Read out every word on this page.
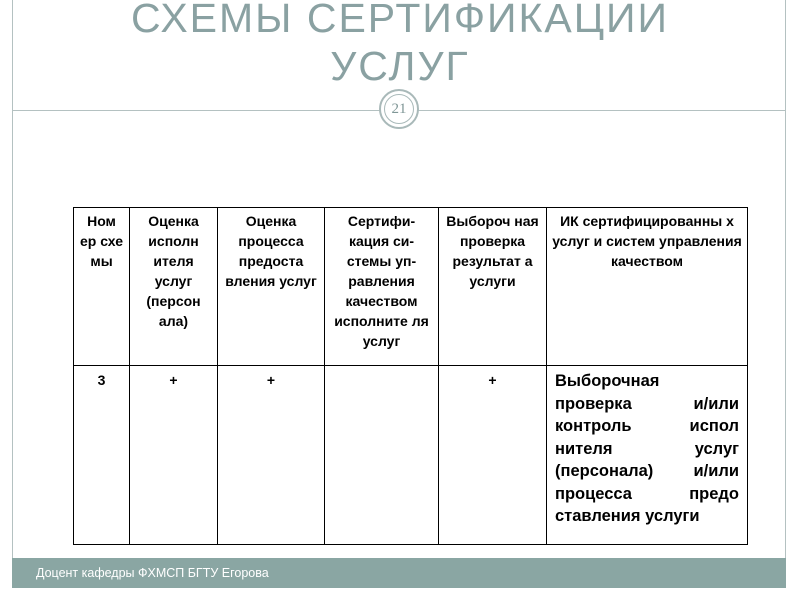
СХЕМЫ СЕРТИФИКАЦИИ
УСЛУГ
21
Ном ер схе мы	Оценка исполн ителя услуг (персон ала)	Оценка процесса предоста вления услуг	Сертифи-кация си-стемы уп-равления качеством исполните ля услуг	Выбороч ная проверка результат а услуги	ИК сертифицированны х услуг и систем управления качеством
3	+	+		+	Выборочная проверка и/или контроль испол нителя услуг (персонала) и/или процесса предо ставления услуги
Доцент кафедры ФХМСП БГТУ Егорова
